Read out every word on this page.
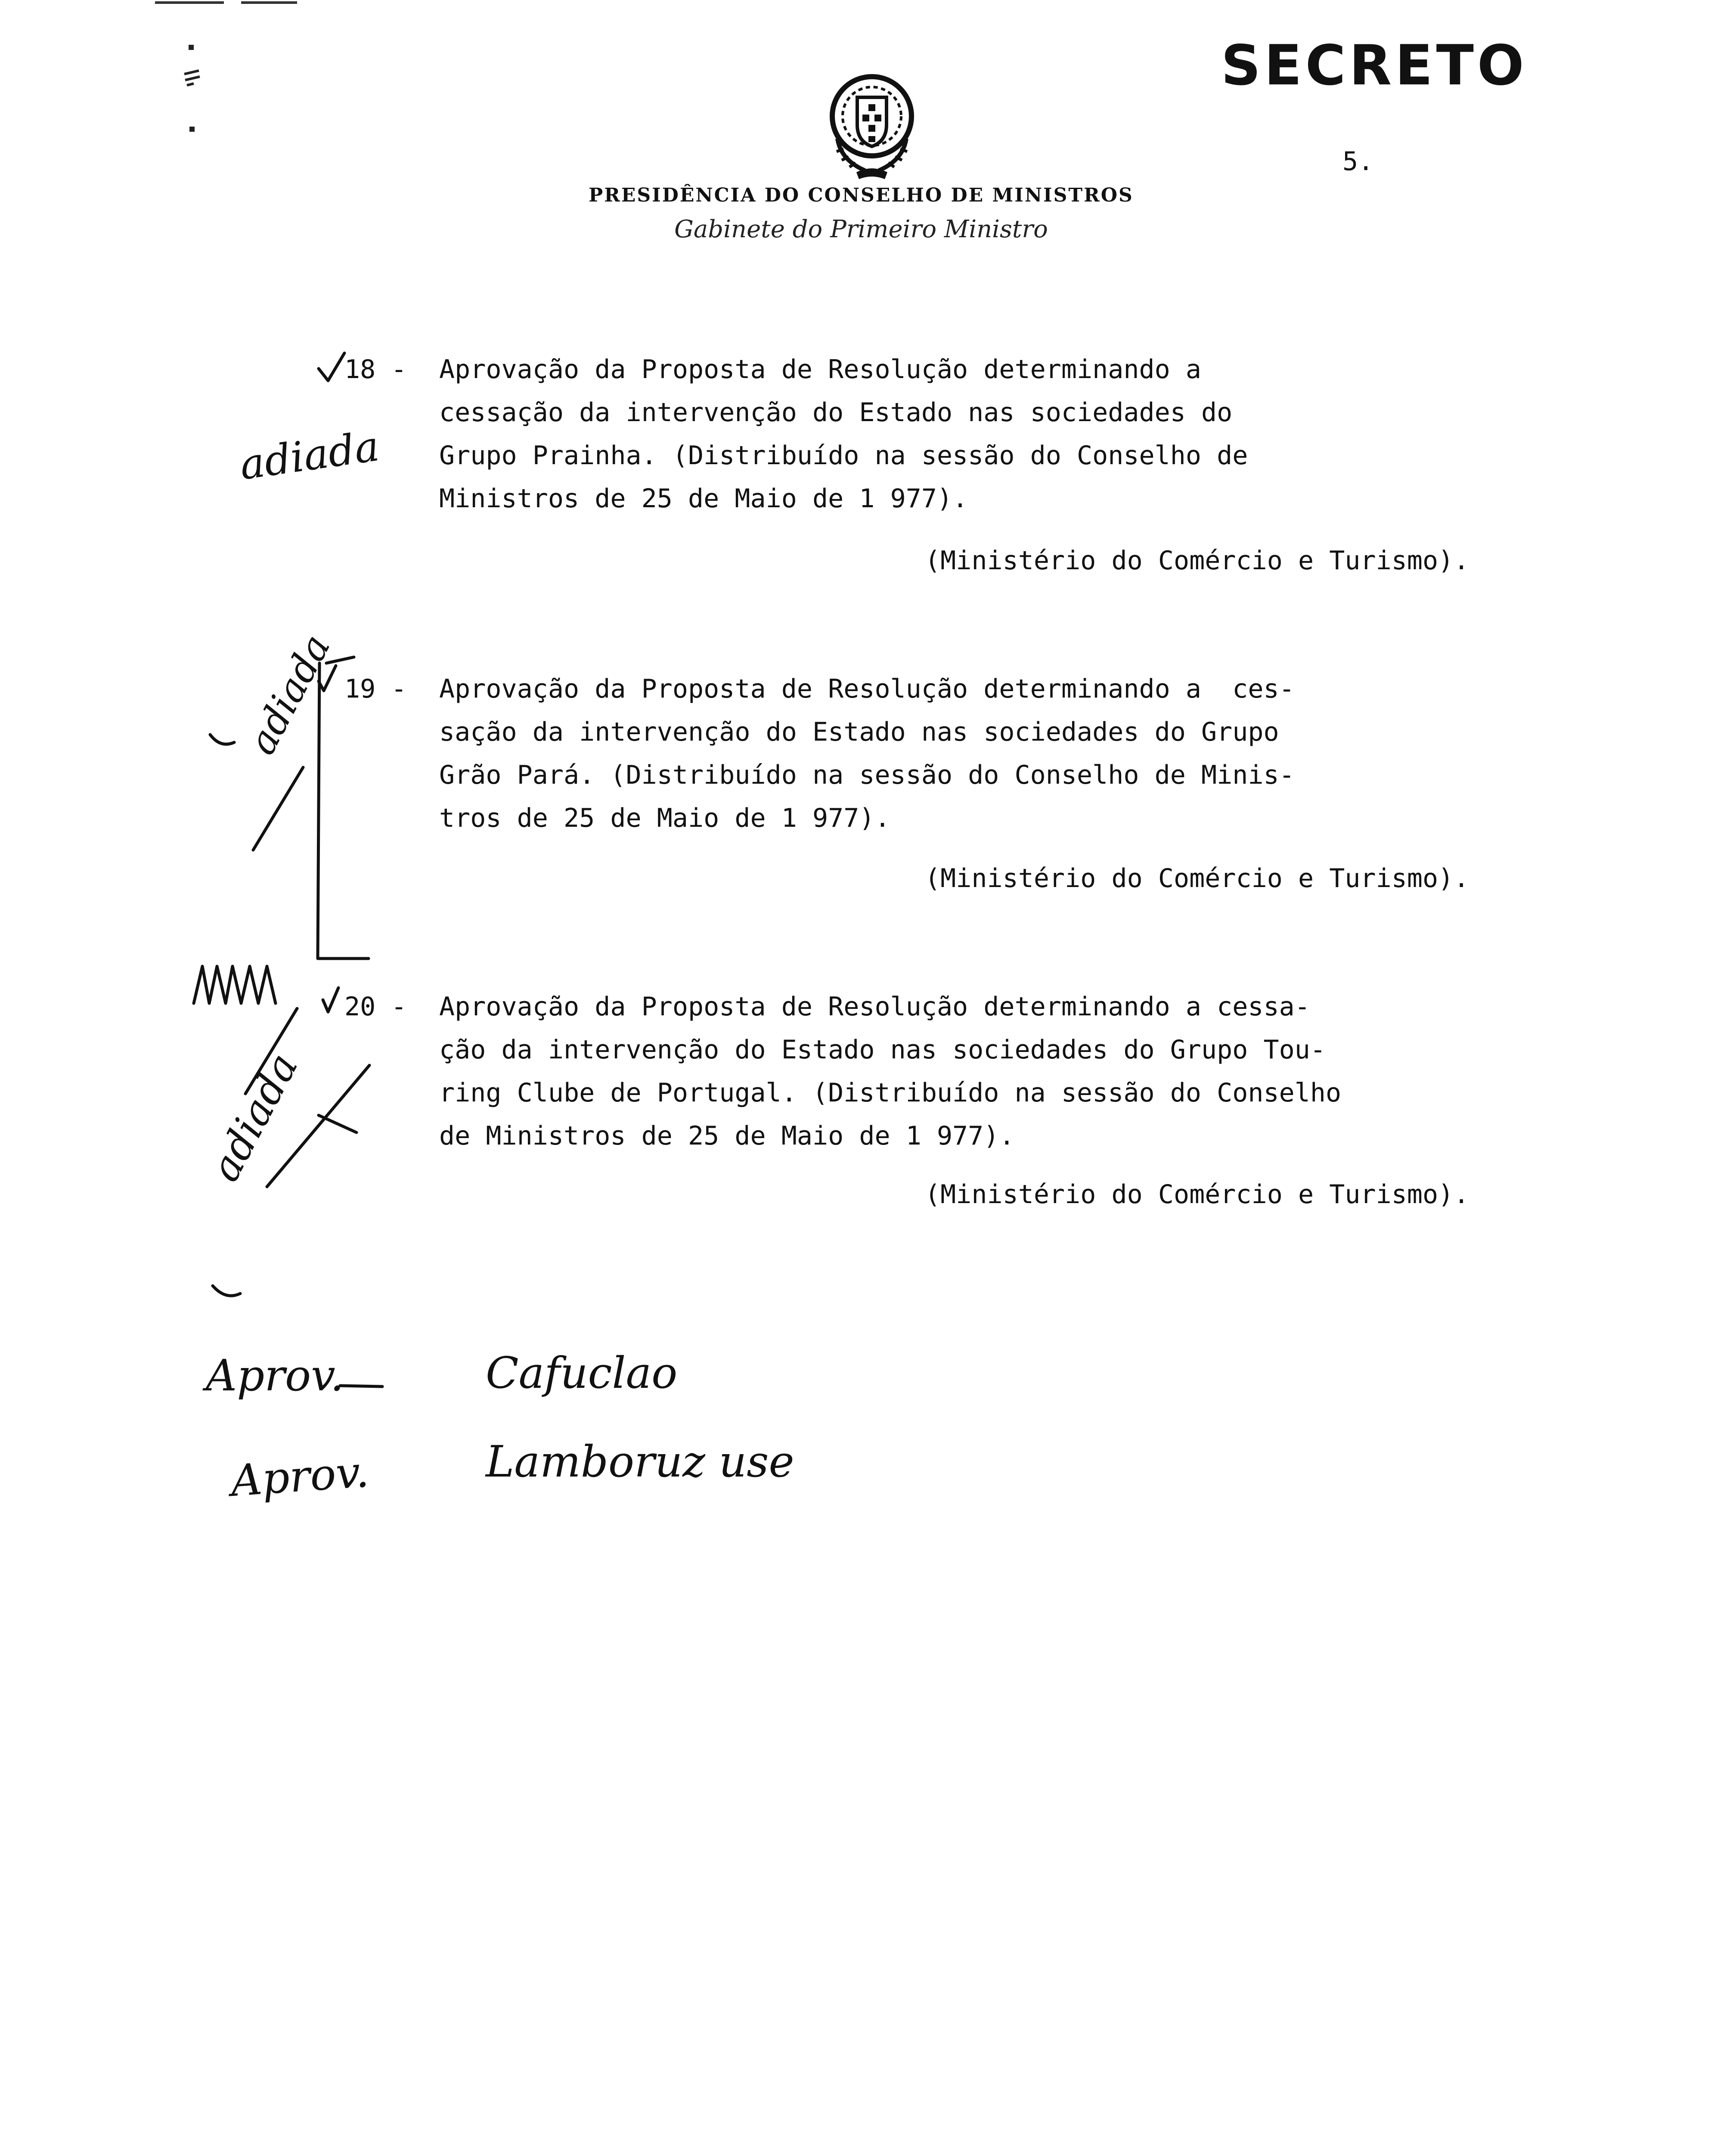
SECRETO
5.
PRESIDÊNCIA DO CONSELHO DE MINISTROS
Gabinete do Primeiro Ministro
18 - Aprovação da Proposta de Resolução determinando a
cessação da intervenção do Estado nas sociedades do
Grupo Prainha. (Distribuído na sessão do Conselho de
Ministros de 25 de Maio de 1 977).
(Ministério do Comércio e Turismo).
19 - Aprovação da Proposta de Resolução determinando a  ces-
sação da intervenção do Estado nas sociedades do Grupo
Grão Pará. (Distribuído na sessão do Conselho de Minis-
tros de 25 de Maio de 1 977).
(Ministério do Comércio e Turismo).
20 - Aprovação da Proposta de Resolução determinando a cessa-
ção da intervenção do Estado nas sociedades do Grupo Tou-
ring Clube de Portugal. (Distribuído na sessão do Conselho
de Ministros de 25 de Maio de 1 977).
(Ministério do Comércio e Turismo).
adiada
adiada
adiada
Aprov.
Aprov.
Cafuclao
Lamboruz use
